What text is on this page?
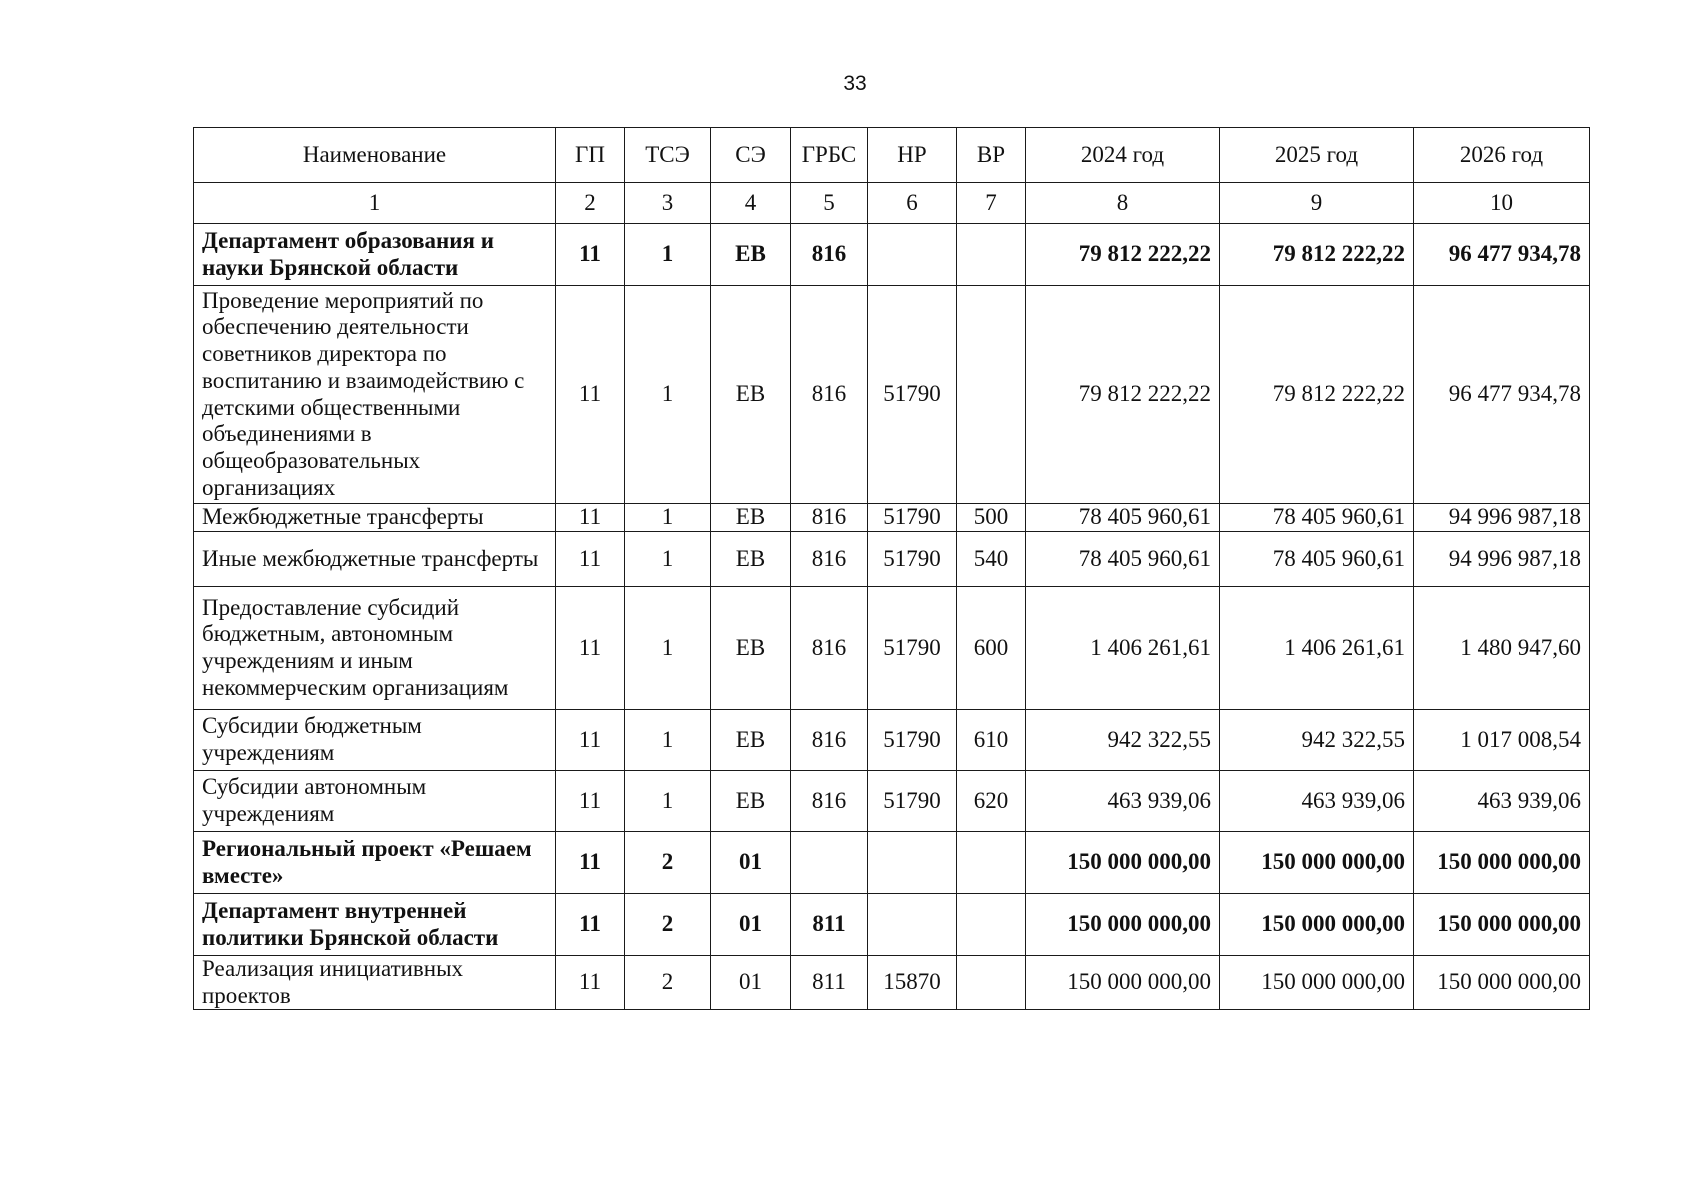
33
Наименование	ГП	ТСЭ	СЭ	ГРБС	НР	ВР	2024 год	2025 год	2026 год
1	2	3	4	5	6	7	8	9	10
Департамент образования и науки Брянской области	11	1	ЕВ	816			79 812 222,22	79 812 222,22	96 477 934,78
Проведение мероприятий по обеспечению деятельности советников директора по воспитанию и взаимодействию с детскими общественными объединениями в общеобразовательных организациях	11	1	ЕВ	816	51790		79 812 222,22	79 812 222,22	96 477 934,78
Межбюджетные трансферты	11	1	ЕВ	816	51790	500	78 405 960,61	78 405 960,61	94 996 987,18
Иные межбюджетные трансферты	11	1	ЕВ	816	51790	540	78 405 960,61	78 405 960,61	94 996 987,18
Предоставление субсидий бюджетным, автономным учреждениям и иным некоммерческим организациям	11	1	ЕВ	816	51790	600	1 406 261,61	1 406 261,61	1 480 947,60
Субсидии бюджетным учреждениям	11	1	ЕВ	816	51790	610	942 322,55	942 322,55	1 017 008,54
Субсидии автономным учреждениям	11	1	ЕВ	816	51790	620	463 939,06	463 939,06	463 939,06
Региональный проект «Решаем вместе»	11	2	01				150 000 000,00	150 000 000,00	150 000 000,00
Департамент внутренней политики Брянской области	11	2	01	811			150 000 000,00	150 000 000,00	150 000 000,00
Реализация инициативных проектов	11	2	01	811	15870		150 000 000,00	150 000 000,00	150 000 000,00
